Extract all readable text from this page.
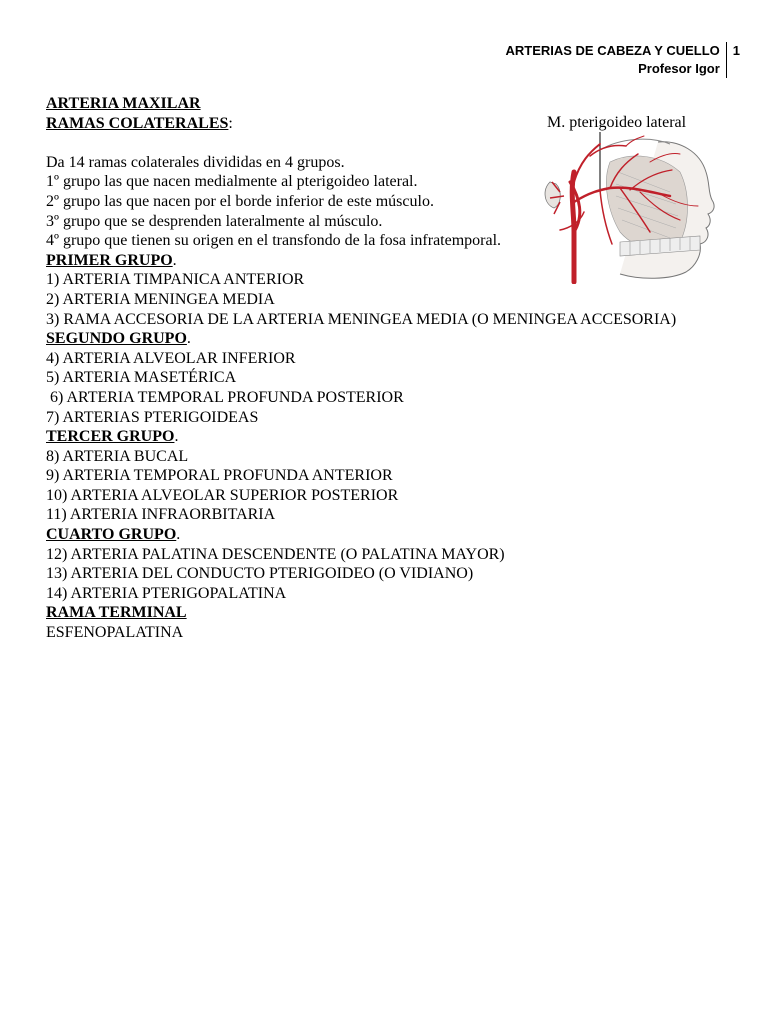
ARTERIAS DE CABEZA Y CUELLO
Profesor Igor
1
M. pterigoideo lateral
ARTERIA MAXILAR
RAMAS COLATERALES:
Da 14 ramas colaterales divididas en 4 grupos.
1º grupo las que nacen medialmente al pterigoideo lateral.
2º grupo las que nacen por el borde inferior de este músculo.
3º grupo que se desprenden lateralmente al músculo.
4º grupo que tienen su origen en el transfondo de la fosa infratemporal.
PRIMER GRUPO.
1) ARTERIA TIMPANICA ANTERIOR
2) ARTERIA MENINGEA MEDIA
3) RAMA ACCESORIA DE LA ARTERIA MENINGEA MEDIA (O MENINGEA ACCESORIA)
SEGUNDO GRUPO.
4) ARTERIA ALVEOLAR INFERIOR
5) ARTERIA MASETÉRICA
6) ARTERIA TEMPORAL PROFUNDA POSTERIOR
7) ARTERIAS PTERIGOIDEAS
TERCER GRUPO.
8) ARTERIA BUCAL
9) ARTERIA TEMPORAL PROFUNDA ANTERIOR
10) ARTERIA ALVEOLAR SUPERIOR POSTERIOR
11) ARTERIA INFRAORBITARIA
CUARTO GRUPO.
12) ARTERIA PALATINA DESCENDENTE (O PALATINA MAYOR)
13) ARTERIA DEL CONDUCTO PTERIGOIDEO (O VIDIANO)
14) ARTERIA PTERIGOPALATINA
RAMA TERMINAL
ESFENOPALATINA
